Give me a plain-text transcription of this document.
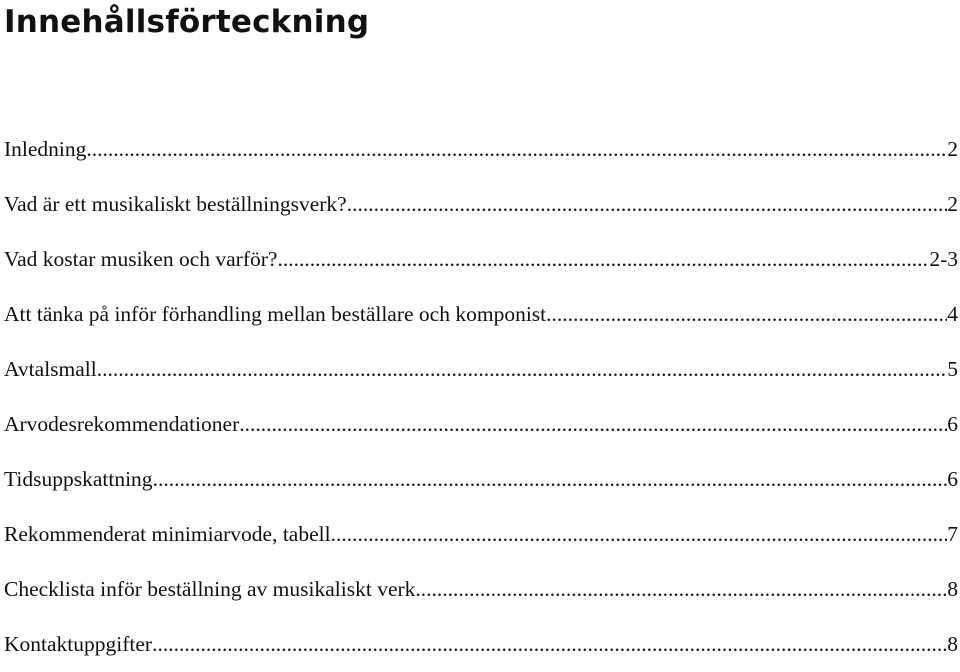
Innehållsförteckning
Inledning .....	2
Vad är ett musikaliskt beställningsverk?. .....	2
Vad kostar musiken och varför?. .....	2-3
Att tänka på inför förhandling mellan beställare och komponist .....	4
Avtalsmall .....	5
Arvodesrekommendationer .....	6
Tidsuppskattning .....	6
Rekommenderat minimiarvode, tabell .....	7
Checklista inför beställning av musikaliskt verk .....	8
Kontaktuppgifter .....	8
